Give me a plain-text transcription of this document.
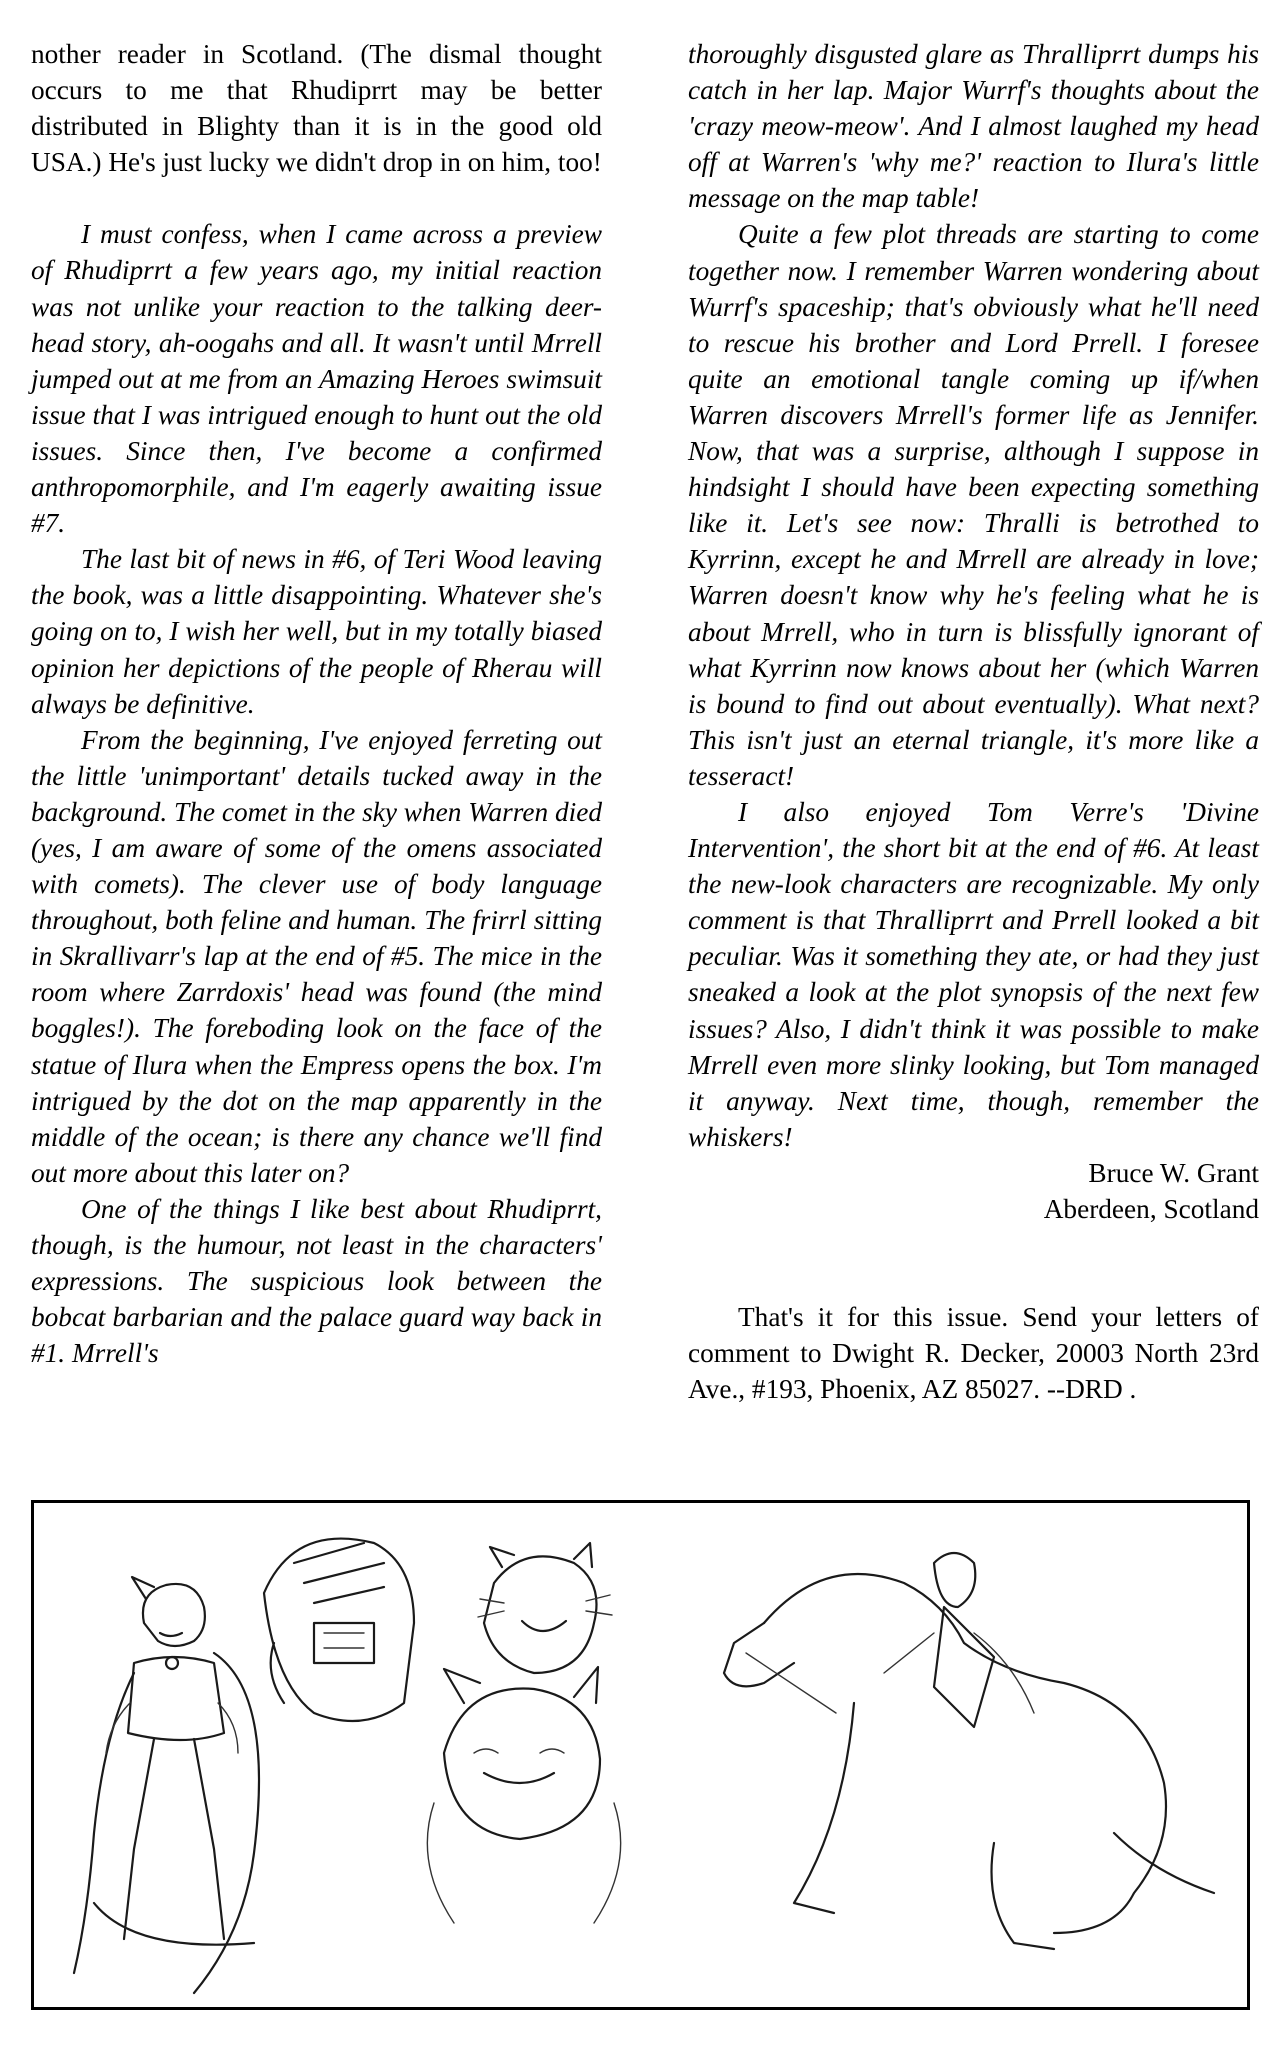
nother reader in Scotland. (The dismal thought occurs to me that Rhudiprrt may be better distributed in Blighty than it is in the good old USA.) He's just lucky we didn't drop in on him, too!

I must confess, when I came across a preview of Rhudiprrt a few years ago, my initial reaction was not unlike your reaction to the talking deer-head story, ah-oogahs and all. It wasn't until Mrrell jumped out at me from an Amazing Heroes swimsuit issue that I was intrigued enough to hunt out the old issues. Since then, I've become a confirmed anthropomorphile, and I'm eagerly awaiting issue #7.

The last bit of news in #6, of Teri Wood leaving the book, was a little disappointing. Whatever she's going on to, I wish her well, but in my totally biased opinion her depictions of the people of Rherau will always be definitive.

From the beginning, I've enjoyed ferreting out the little 'unimportant' details tucked away in the background. The comet in the sky when Warren died (yes, I am aware of some of the omens associated with comets). The clever use of body language throughout, both feline and human. The frirrl sitting in Skrallivarr's lap at the end of #5. The mice in the room where Zarrdoxis' head was found (the mind boggles!). The foreboding look on the face of the statue of Ilura when the Empress opens the box. I'm intrigued by the dot on the map apparently in the middle of the ocean; is there any chance we'll find out more about this later on?

One of the things I like best about Rhudiprrt, though, is the humour, not least in the characters' expressions. The suspicious look between the bobcat barbarian and the palace guard way back in #1. Mrrell's

thoroughly disgusted glare as Thralliprrt dumps his catch in her lap. Major Wurrf's thoughts about the 'crazy meow-meow'. And I almost laughed my head off at Warren's 'why me?' reaction to Ilura's little message on the map table!

Quite a few plot threads are starting to come together now. I remember Warren wondering about Wurrf's spaceship; that's obviously what he'll need to rescue his brother and Lord Prrell. I foresee quite an emotional tangle coming up if/when Warren discovers Mrrell's former life as Jennifer. Now, that was a surprise, although I suppose in hindsight I should have been expecting something like it. Let's see now: Thralli is betrothed to Kyrrinn, except he and Mrrell are already in love; Warren doesn't know why he's feeling what he is about Mrrell, who in turn is blissfully ignorant of what Kyrrinn now knows about her (which Warren is bound to find out about eventually). What next? This isn't just an eternal triangle, it's more like a tesseract!

I also enjoyed Tom Verre's 'Divine Intervention', the short bit at the end of #6. At least the new-look characters are recognizable. My only comment is that Thralliprrt and Prrell looked a bit peculiar. Was it something they ate, or had they just sneaked a look at the plot synopsis of the next few issues? Also, I didn't think it was possible to make Mrrell even more slinky looking, but Tom managed it anyway. Next time, though, remember the whiskers!

Bruce W. Grant

Aberdeen, Scotland

That's it for this issue. Send your letters of comment to Dwight R. Decker, 20003 North 23rd Ave., #193, Phoenix, AZ 85027. --DRD .
